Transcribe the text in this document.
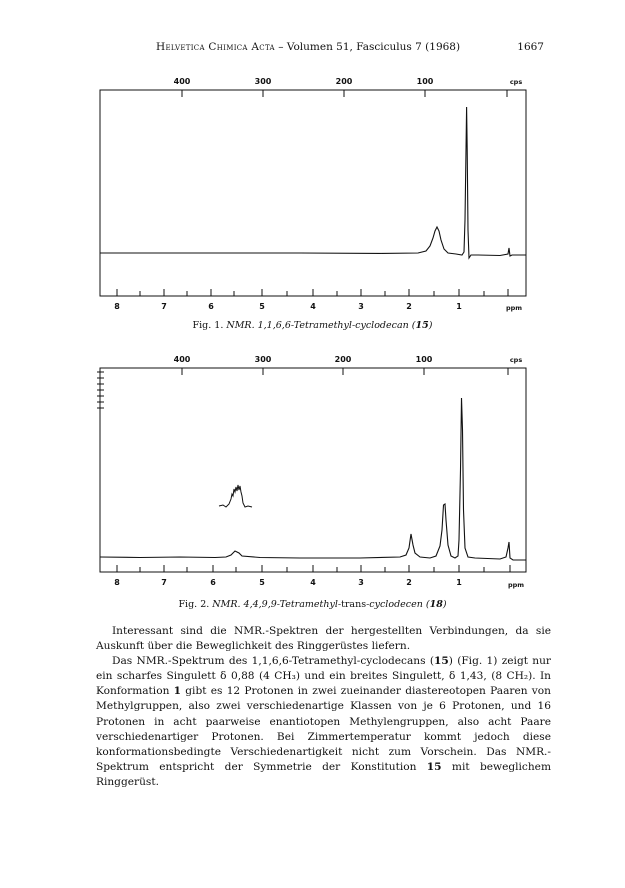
Helvetica Chimica Acta – Volumen 51, Fasciculus 7 (1968)	1667
400	300	200	100	cps
8	7	6	5	4	3	2	1	ppm
400	300	200	100	cps
8	7	6	5	4	3	2	1	ppm
Fig. 1. NMR. 1,1,6,6-Tetramethyl-cyclodecan (15)
Fig. 2. NMR. 4,4,9,9-Tetramethyl-trans-cyclodecen (18)

Interessant sind die NMR.-Spektren der hergestellten Verbindungen, da sie Auskunft über die Beweglichkeit des Ringgerüstes liefern.

Das NMR.-Spektrum des 1,1,6,6-Tetramethyl-cyclodecans (15) (Fig. 1) zeigt nur ein scharfes Singulett δ 0,88 (4 CH₃) und ein breites Singulett, δ 1,43, (8 CH₂). In Konformation 1 gibt es 12 Protonen in zwei zueinander diastereotopen Paaren von Methylgruppen, also zwei verschiedenartige Klassen von je 6 Protonen, und 16 Protonen in acht paarweise enantiotopen Methylengruppen, also acht Paare verschiedenartiger Protonen. Bei Zimmertemperatur kommt jedoch diese konformationsbedingte Verschiedenartigkeit nicht zum Vorschein. Das NMR.-Spektrum entspricht der Symmetrie der Konstitution 15 mit beweglichem Ringgerüst.
